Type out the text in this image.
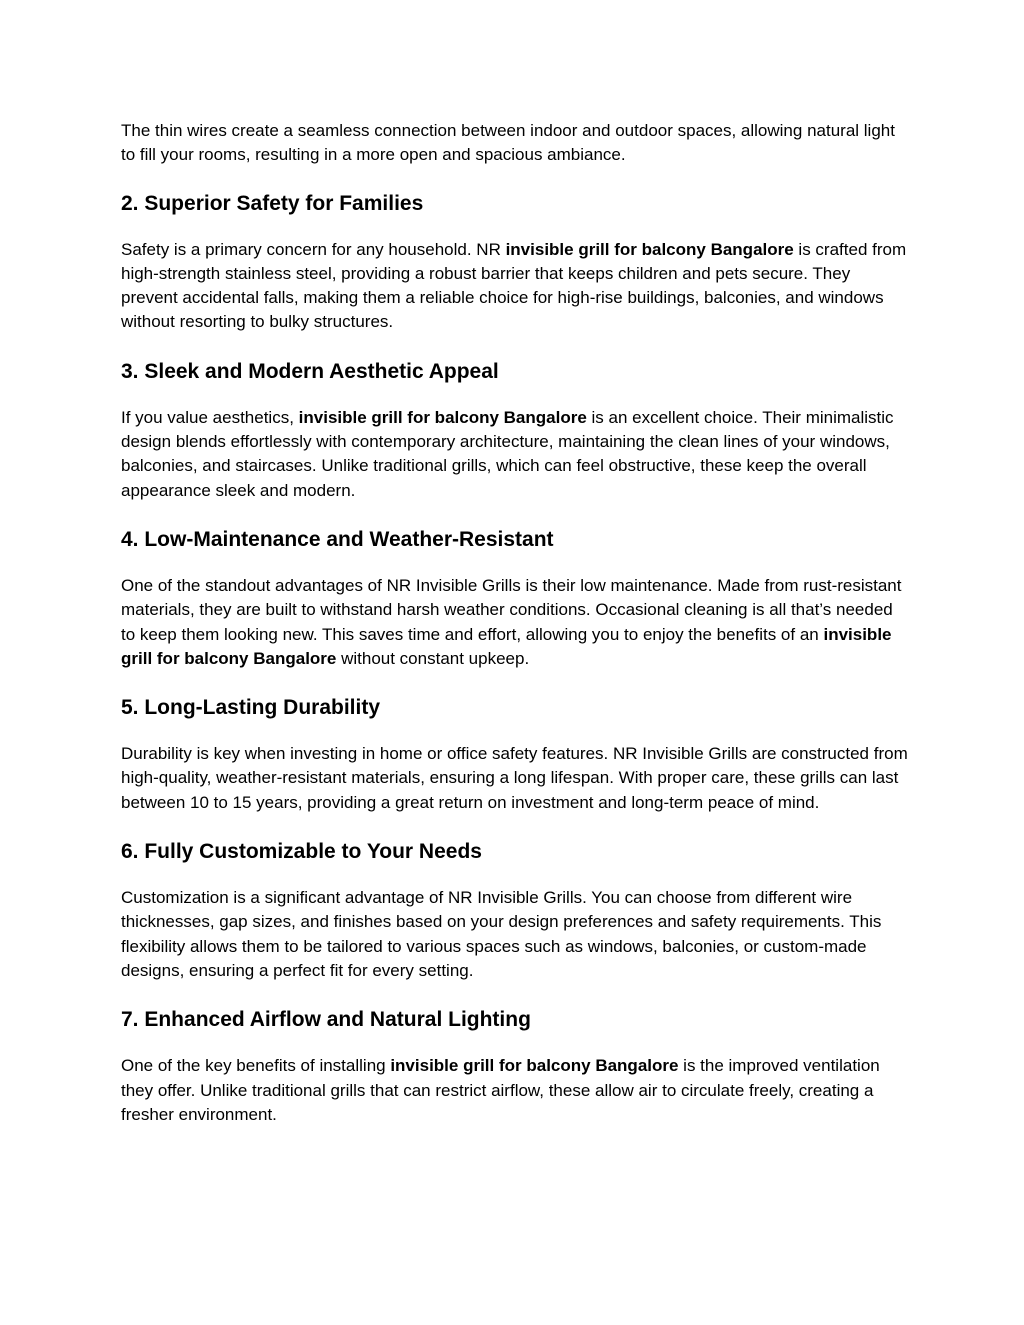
The thin wires create a seamless connection between indoor and outdoor spaces, allowing natural light to fill your rooms, resulting in a more open and spacious ambiance.

2. Superior Safety for Families

Safety is a primary concern for any household. NR invisible grill for balcony Bangalore is crafted from high-strength stainless steel, providing a robust barrier that keeps children and pets secure. They prevent accidental falls, making them a reliable choice for high-rise buildings, balconies, and windows without resorting to bulky structures.

3. Sleek and Modern Aesthetic Appeal

If you value aesthetics, invisible grill for balcony Bangalore is an excellent choice. Their minimalistic design blends effortlessly with contemporary architecture, maintaining the clean lines of your windows, balconies, and staircases. Unlike traditional grills, which can feel obstructive, these keep the overall appearance sleek and modern.

4. Low-Maintenance and Weather-Resistant

One of the standout advantages of NR Invisible Grills is their low maintenance. Made from rust-resistant materials, they are built to withstand harsh weather conditions. Occasional cleaning is all that’s needed to keep them looking new. This saves time and effort, allowing you to enjoy the benefits of an invisible grill for balcony Bangalore without constant upkeep.

5. Long-Lasting Durability

Durability is key when investing in home or office safety features. NR Invisible Grills are constructed from high-quality, weather-resistant materials, ensuring a long lifespan. With proper care, these grills can last between 10 to 15 years, providing a great return on investment and long-term peace of mind.

6. Fully Customizable to Your Needs

Customization is a significant advantage of NR Invisible Grills. You can choose from different wire thicknesses, gap sizes, and finishes based on your design preferences and safety requirements. This flexibility allows them to be tailored to various spaces such as windows, balconies, or custom-made designs, ensuring a perfect fit for every setting.

7. Enhanced Airflow and Natural Lighting

One of the key benefits of installing invisible grill for balcony Bangalore is the improved ventilation they offer. Unlike traditional grills that can restrict airflow, these allow air to circulate freely, creating a fresher environment.
